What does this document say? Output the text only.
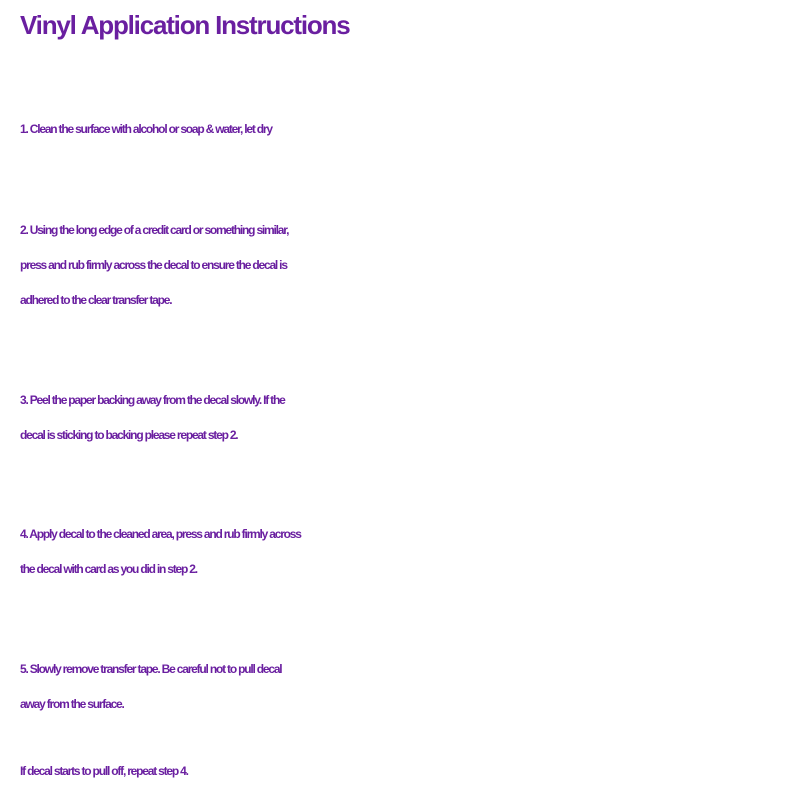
Vinyl Application Instructions

1. Clean the surface with alcohol or soap & water, let dry

2. Using the long edge of a credit card or something similar,
press and rub firmly across the decal to ensure the decal is
adhered to the clear transfer tape.

3. Peel the paper backing away from the decal slowly. If the
decal is sticking to backing please repeat step 2.

4. Apply decal to the cleaned area, press and rub firmly across
the decal with card as you did in step 2.

5. Slowly remove transfer tape. Be careful not to pull decal
away from the surface.

If decal starts to pull off, repeat step 4.
